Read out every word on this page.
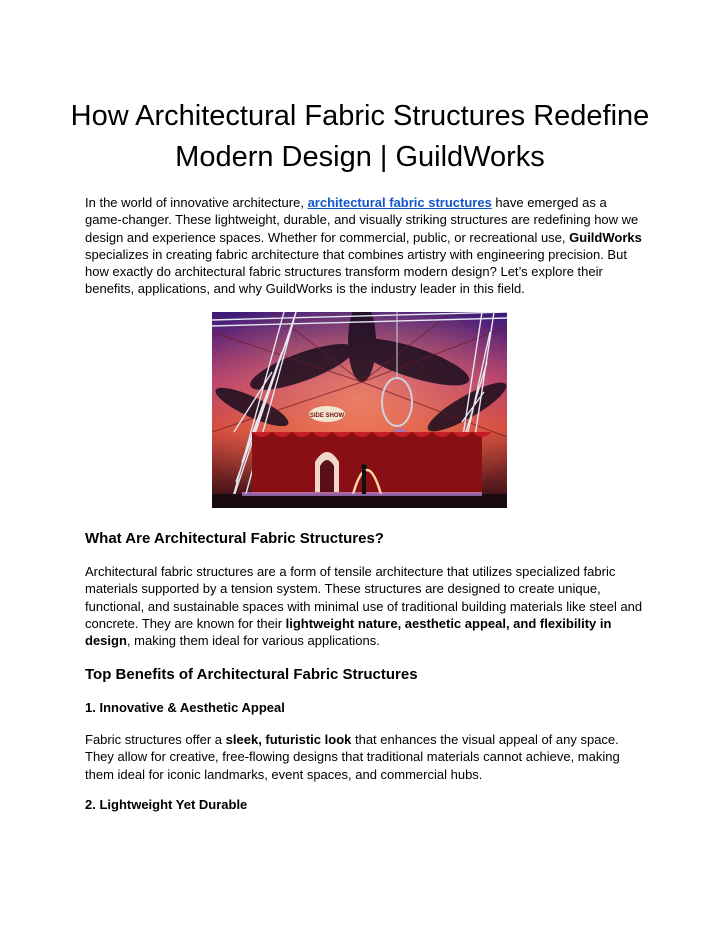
How Architectural Fabric Structures Redefine Modern Design | GuildWorks

In the world of innovative architecture, architectural fabric structures have emerged as a game-changer. These lightweight, durable, and visually striking structures are redefining how we design and experience spaces. Whether for commercial, public, or recreational use, GuildWorks specializes in creating fabric architecture that combines artistry with engineering precision. But how exactly do architectural fabric structures transform modern design? Let’s explore their benefits, applications, and why GuildWorks is the industry leader in this field.

SIDE SHOW
What Are Architectural Fabric Structures?

Architectural fabric structures are a form of tensile architecture that utilizes specialized fabric materials supported by a tension system. These structures are designed to create unique, functional, and sustainable spaces with minimal use of traditional building materials like steel and concrete. They are known for their lightweight nature, aesthetic appeal, and flexibility in design, making them ideal for various applications.

Top Benefits of Architectural Fabric Structures
1. Innovative & Aesthetic Appeal

Fabric structures offer a sleek, futuristic look that enhances the visual appeal of any space. They allow for creative, free-flowing designs that traditional materials cannot achieve, making them ideal for iconic landmarks, event spaces, and commercial hubs.

2. Lightweight Yet Durable
